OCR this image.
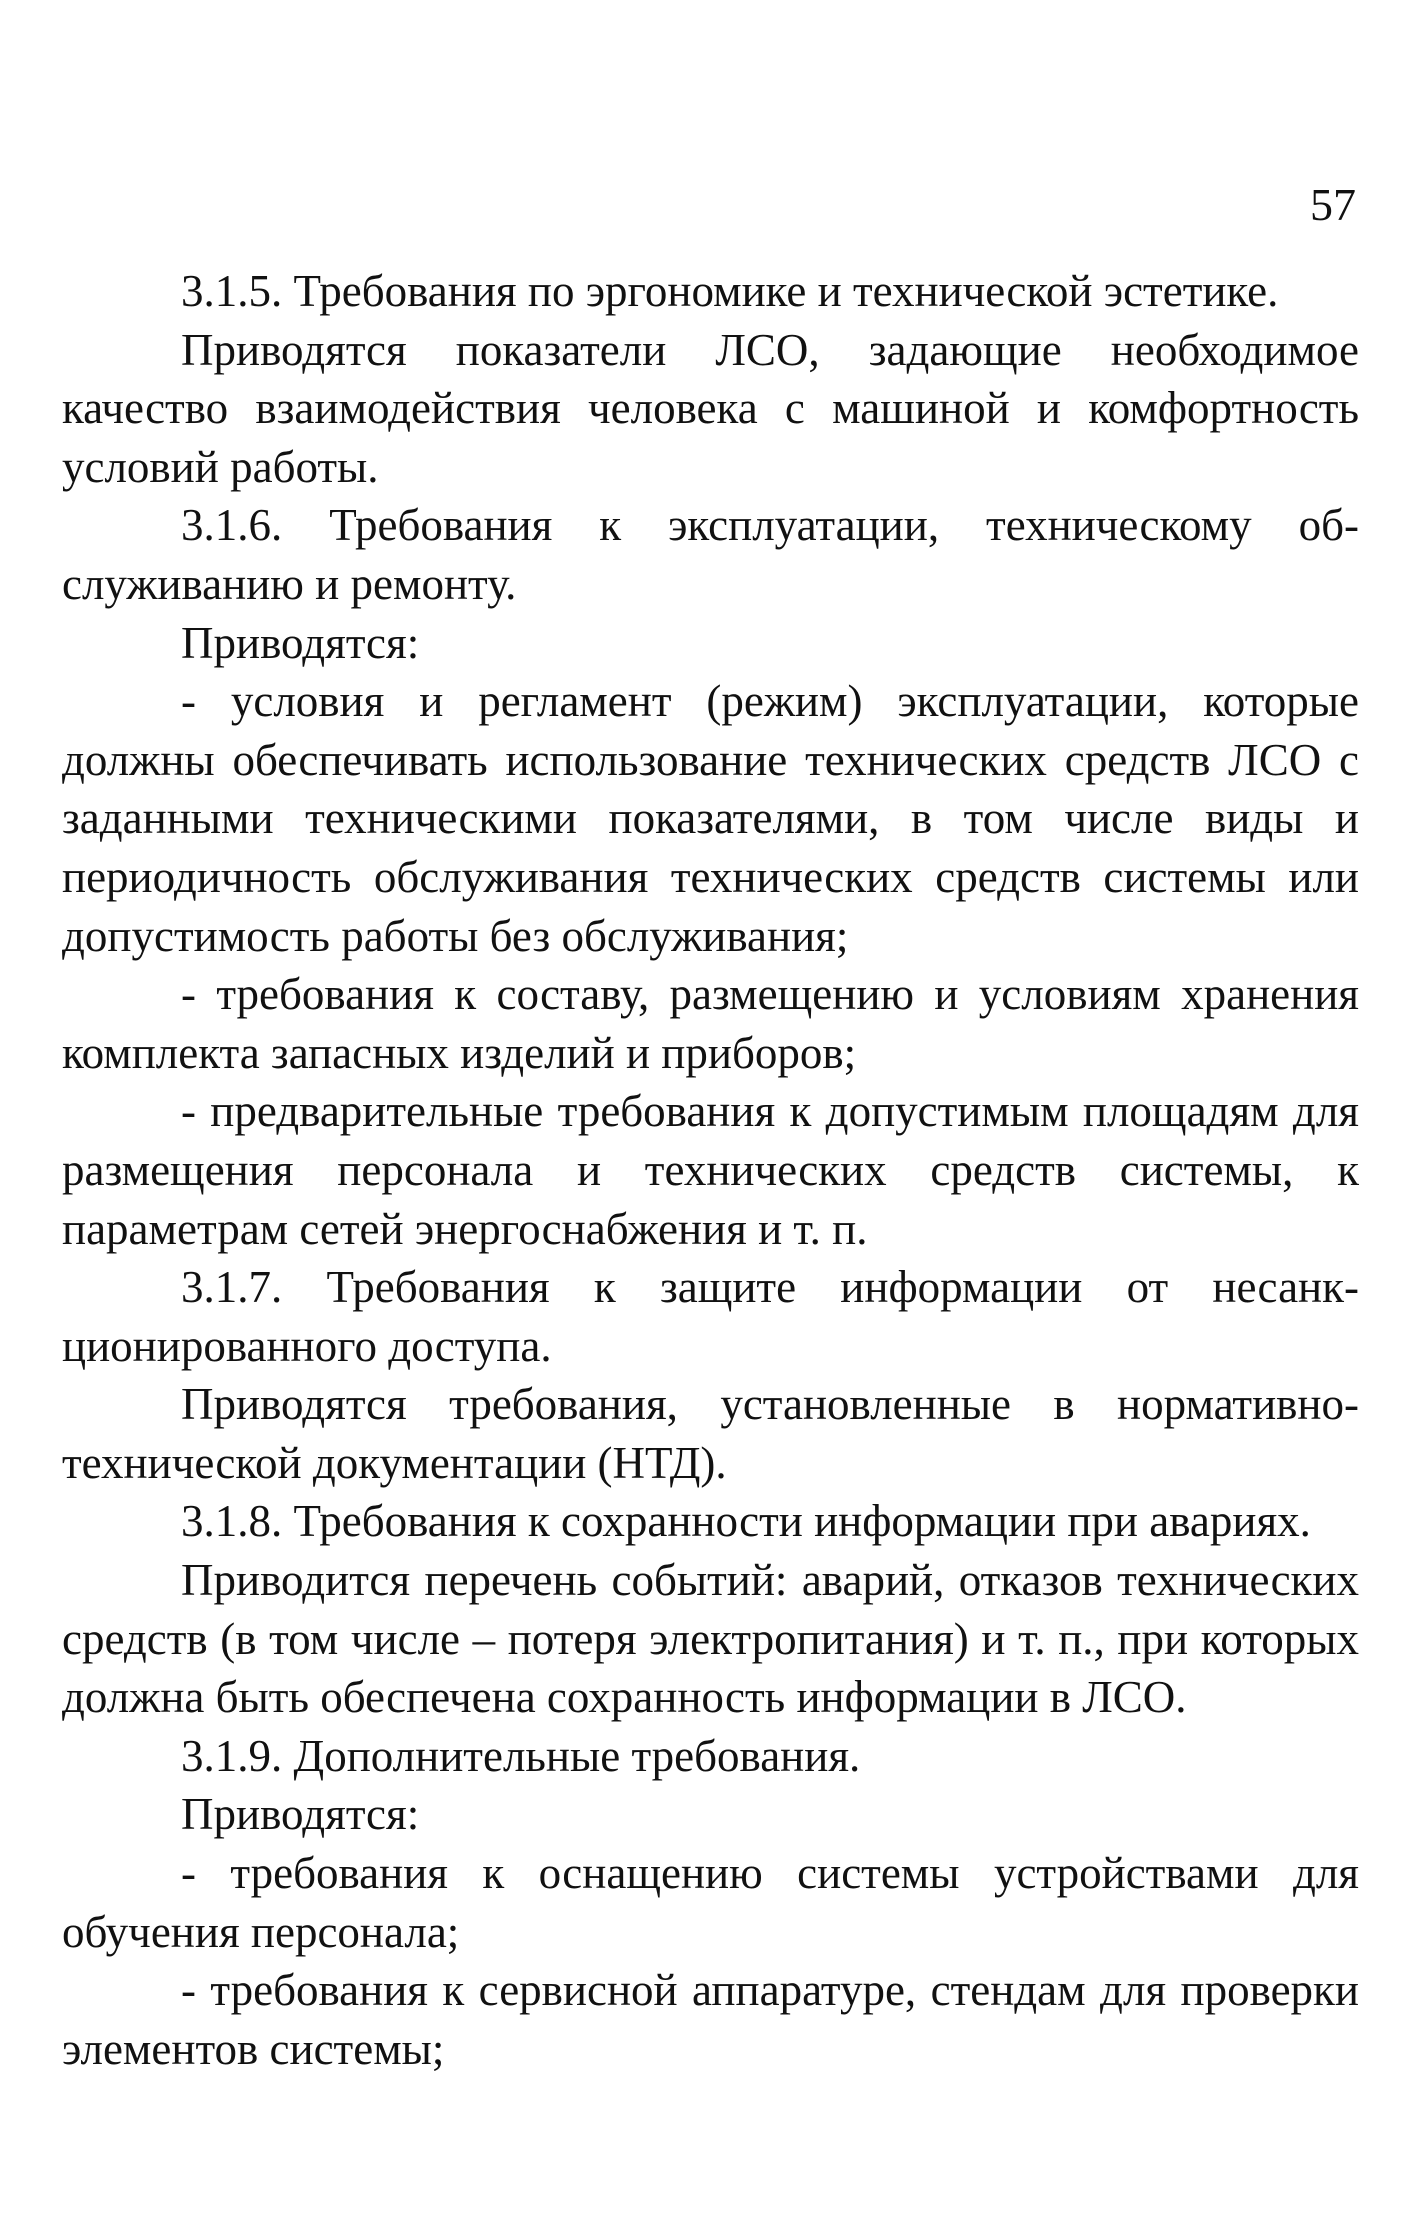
57

3.1.5. Требования по эргономике и технической эстетике.

Приводятся показатели ЛСО, задающие необходимое качество взаимодействия человека с машиной и комфортность условий работы.

3.1.6. Требования к эксплуатации, техническому обслуживанию и ремонту.

Приводятся:

- условия и регламент (режим) эксплуатации, которые должны обеспечивать использование технических средств ЛСО с заданными техническими показателями, в том числе виды и периодичность обслуживания технических средств системы или допустимость работы без обслуживания;

- требования к составу, размещению и условиям хранения комплекта запасных изделий и приборов;

- предварительные требования к допустимым площадям для размещения персонала и технических средств системы, к параметрам сетей энергоснабжения и т. п.

3.1.7. Требования к защите информации от несанкционированного доступа.

Приводятся требования, установленные в нормативно-технической документации (НТД).

3.1.8. Требования к сохранности информации при авариях.

Приводится перечень событий: аварий, отказов технических средств (в том числе – потеря электропитания) и т. п., при которых должна быть обеспечена сохранность информации в ЛСО.

3.1.9. Дополнительные требования.

Приводятся:

- требования к оснащению системы устройствами для обучения персонала;

- требования к сервисной аппаратуре, стендам для проверки элементов системы;
